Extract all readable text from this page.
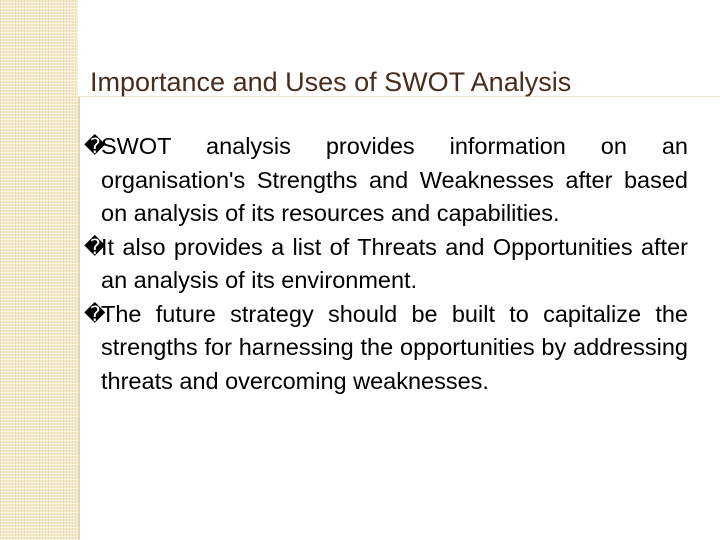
Importance and Uses of SWOT Analysis

�
SWOT analysis provides information on an organisation's Strengths and Weaknesses after based on analysis of its resources and capabilities.

�
It also provides a list of Threats and Opportunities after an analysis of its environment.

�
The future strategy should be built to capitalize the strengths for harnessing the opportunities by addressing threats and overcoming weaknesses.
